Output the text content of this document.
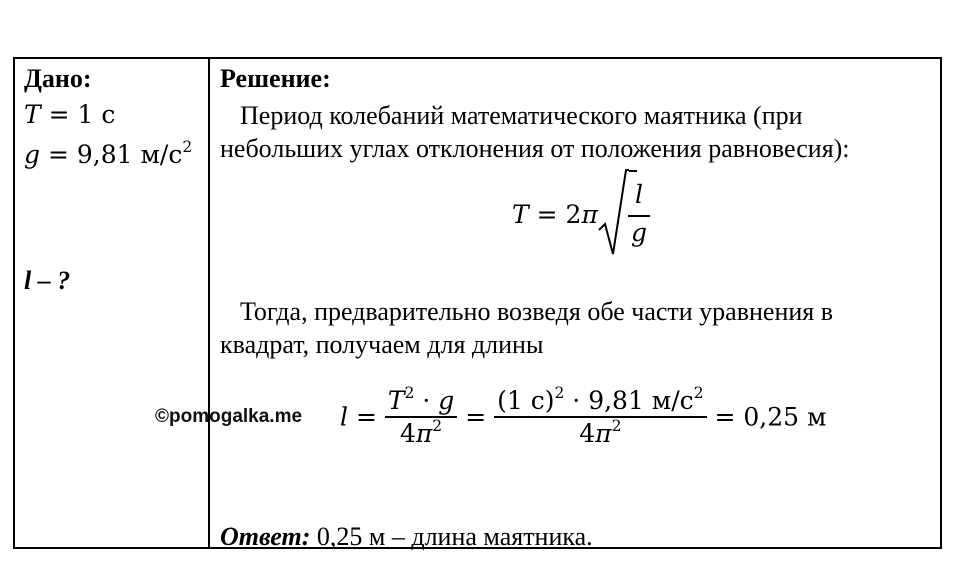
Дано:
T = 1 с
g = 9,81 $м/с^2$
l – ?
Решение:
Период колебаний математического маятника (при
небольших углах отклонения от положения равновесия):
T = 2π
l
g
Тогда, предварительно возведя обе части уравнения в
квадрат, получаем для длины
$l = \frac{T^2 \cdot g}{4\pi^2} = \frac{(1 с)^2 \cdot 9,81 м/с^2}{4\pi^2} = 0,25$ м
©pomogalka.me
Ответ: 0,25 м – длина маятника.
